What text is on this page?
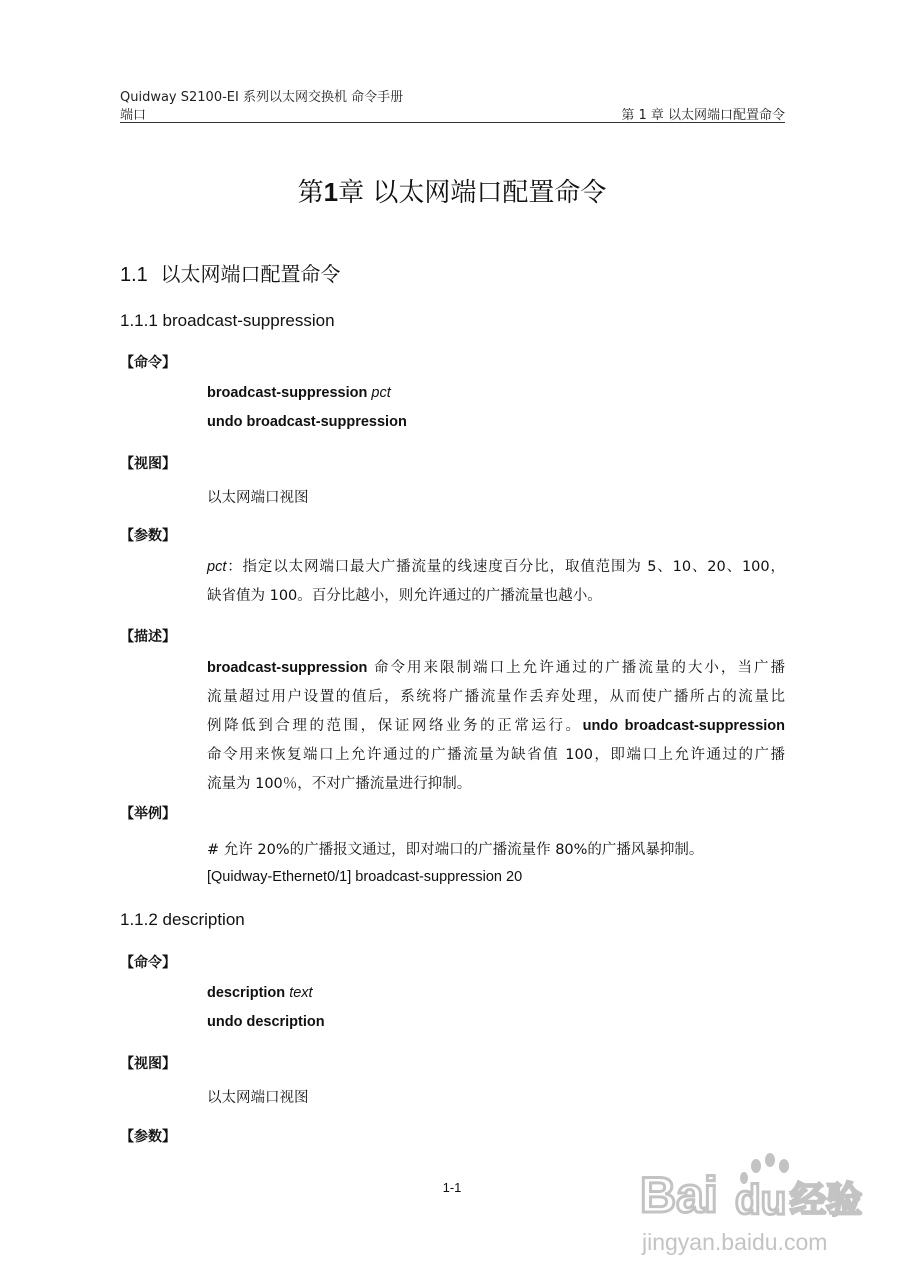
Quidway S2100-EI 系列以太网交换机 命令手册
端口	第 1 章 以太网端口配置命令
第1章 以太网端口配置命令
1.1 以太网端口配置命令
1.1.1 broadcast-suppression
【命令】
broadcast-suppression pct
undo broadcast-suppression
【视图】
以太网端口视图
【参数】
pct：指定以太网端口最大广播流量的线速度百分比，取值范围为 5、10、20、100，
缺省值为 100。百分比越小，则允许通过的广播流量也越小。
【描述】
broadcast-suppression 命令用来限制端口上允许通过的广播流量的大小，当广播
流量超过用户设置的值后，系统将广播流量作丢弃处理，从而使广播所占的流量比
例降低到合理的范围，保证网络业务的正常运行。undo broadcast-suppression
命令用来恢复端口上允许通过的广播流量为缺省值 100，即端口上允许通过的广播
流量为 100％，不对广播流量进行抑制。
【举例】
# 允许 20%的广播报文通过，即对端口的广播流量作 80%的广播风暴抑制。
[Quidway-Ethernet0/1] broadcast-suppression 20
1.1.2 description
【命令】
description text
undo description
【视图】
以太网端口视图
【参数】
1-1	Bai du 经验
jingyan.baidu.com
